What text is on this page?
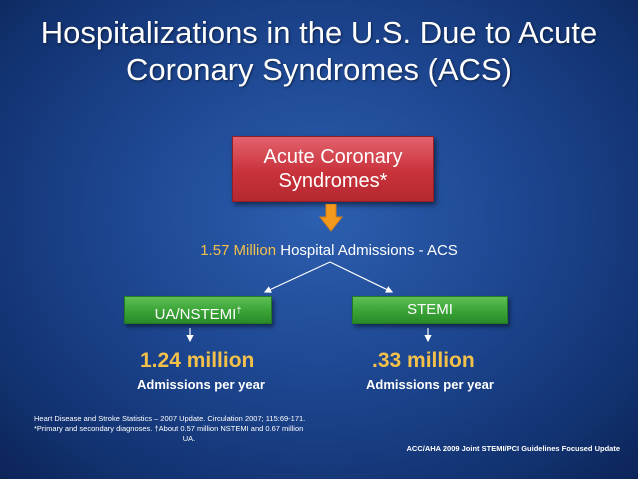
Hospitalizations in the U.S. Due to Acute
Coronary Syndromes (ACS)
Acute Coronary
Syndromes*
1.57 Million Hospital Admissions - ACS
UA/NSTEMI†	STEMI
1.24 million	.33 million
Admissions per year	Admissions per year
Heart Disease and Stroke Statistics – 2007 Update. Circulation 2007; 115:69-171.
*Primary and secondary diagnoses. †About 0.57 million NSTEMI and 0.67 million

UA.
ACC/AHA 2009 Joint STEMI/PCI Guidelines Focused Update
